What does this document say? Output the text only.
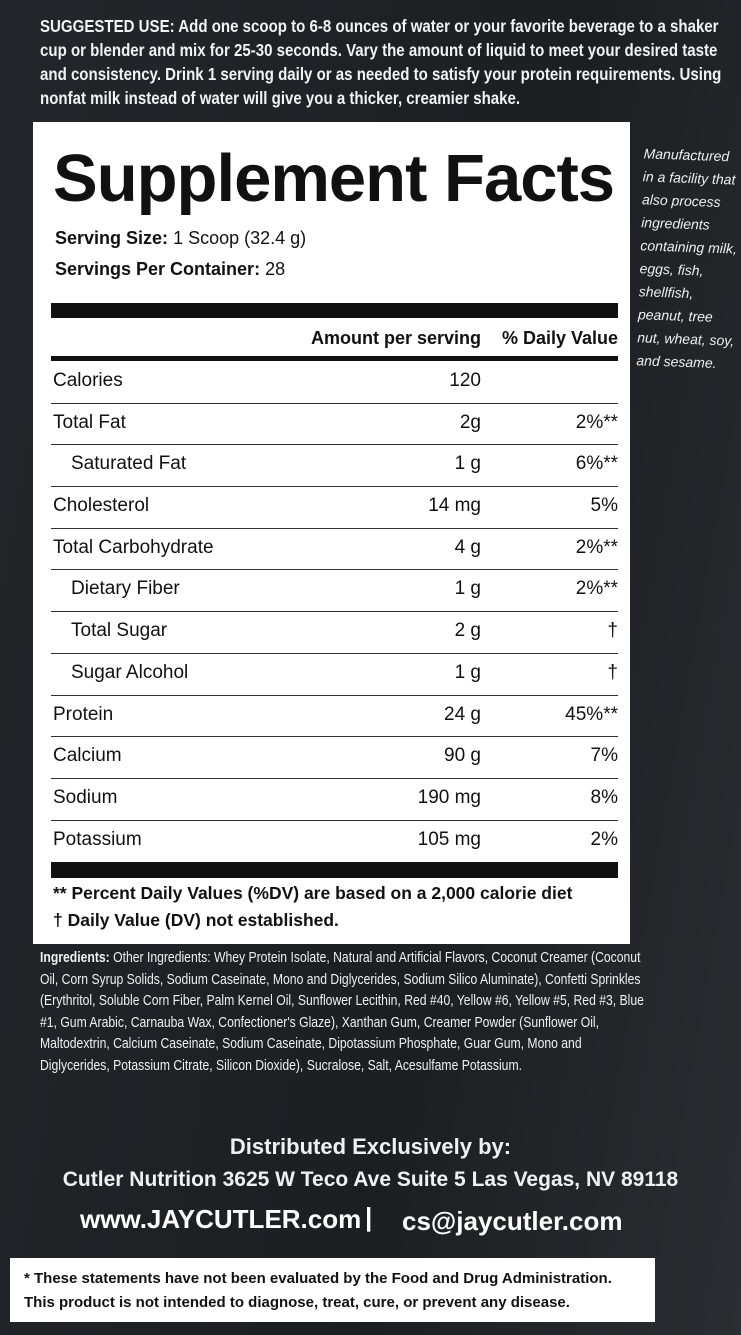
SUGGESTED USE: Add one scoop to 6-8 ounces of water or your favorite beverage to a shaker cup or blender and mix for 25-30 seconds. Vary the amount of liquid to meet your desired taste and consistency. Drink 1 serving daily or as needed to satisfy your protein requirements. Using nonfat milk instead of water will give you a thicker, creamier shake.
Supplement Facts
Serving Size: 1 Scoop (32.4 g)
Servings Per Container: 28
Amount per serving % Daily Value
Calories	120
Total Fat	2g	2%**
Saturated Fat	1 g	6%**
Cholesterol	14 mg	5%
Total Carbohydrate	4 g	2%**
Dietary Fiber	1 g	2%**
Total Sugar	2 g	†
Sugar Alcohol	1 g	†
Protein	24 g	45%**
Calcium	90 g	7%
Sodium	190 mg	8%
Potassium	105 mg	2%
** Percent Daily Values (%DV) are based on a 2,000 calorie diet
† Daily Value (DV) not established.
Manufactured in a facility that also process ingredients containing milk, eggs, fish, shellfish, peanut, tree nut, wheat, soy, and sesame.
Ingredients: Other Ingredients: Whey Protein Isolate, Natural and Artificial Flavors, Coconut Creamer (Coconut Oil, Corn Syrup Solids, Sodium Caseinate, Mono and Diglycerides, Sodium Silico Aluminate), Confetti Sprinkles (Erythritol, Soluble Corn Fiber, Palm Kernel Oil, Sunflower Lecithin, Red #40, Yellow #6, Yellow #5, Red #3, Blue #1, Gum Arabic, Carnauba Wax, Confectioner's Glaze), Xanthan Gum, Creamer Powder (Sunflower Oil, Maltodextrin, Calcium Caseinate, Sodium Caseinate, Dipotassium Phosphate, Guar Gum, Mono and Diglycerides, Potassium Citrate, Silicon Dioxide), Sucralose, Salt, Acesulfame Potassium.
Distributed Exclusively by:
Cutler Nutrition 3625 W Teco Ave Suite 5 Las Vegas, NV 89118
www.JAYCUTLER.com | cs@jaycutler.com
* These statements have not been evaluated by the Food and Drug Administration.
This product is not intended to diagnose, treat, cure, or prevent any disease.
